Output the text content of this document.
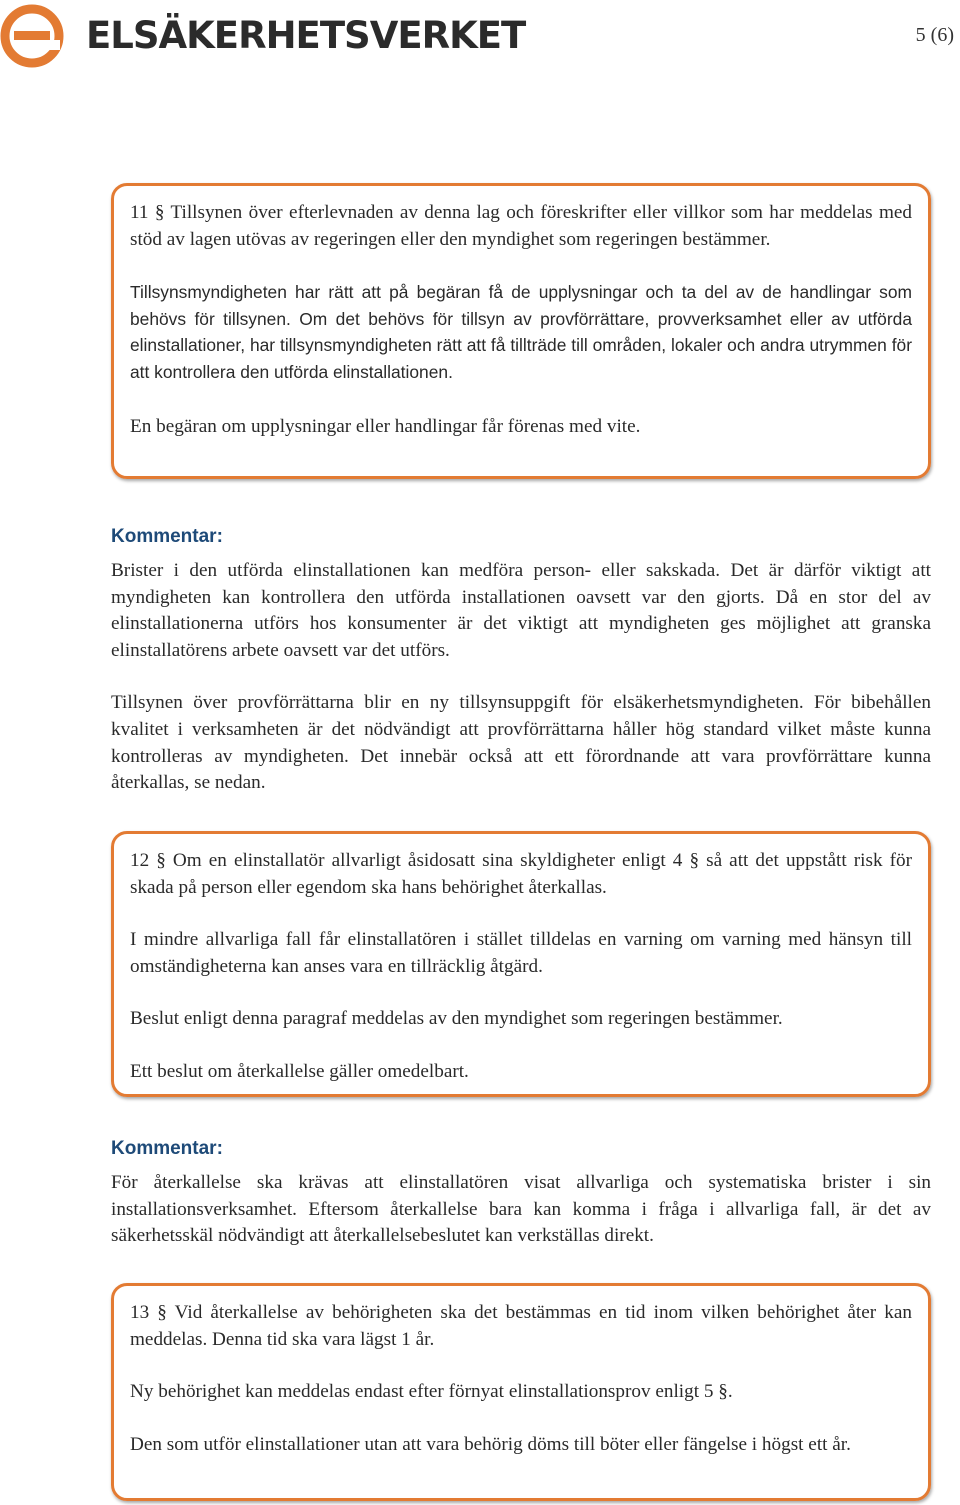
ELSÄKERHETSVERKET	5 (6)

11 § Tillsynen över efterlevnaden av denna lag och föreskrifter eller villkor som har meddelas med stöd av lagen utövas av regeringen eller den myndighet som regeringen bestämmer.

Tillsynsmyndigheten har rätt att på begäran få de upplysningar och ta del av de handlingar som behövs för tillsynen. Om det behövs för tillsyn av provförrättare, provverksamhet eller av utförda elinstallationer, har tillsynsmyndigheten rätt att få tillträde till områden, lokaler och andra utrymmen för att kontrollera den utförda elinstallationen.

En begäran om upplysningar eller handlingar får förenas med vite.

Kommentar:

Brister i den utförda elinstallationen kan medföra person- eller sakskada. Det är därför viktigt att myndigheten kan kontrollera den utförda installationen oavsett var den gjorts. Då en stor del av elinstallationerna utförs hos konsumenter är det viktigt att myndigheten ges möjlighet att granska elinstallatörens arbete oavsett var det utförs.

Tillsynen över provförrättarna blir en ny tillsynsuppgift för elsäkerhetsmyndigheten. För bibehållen kvalitet i verksamheten är det nödvändigt att provförrättarna håller hög standard vilket måste kunna kontrolleras av myndigheten. Det innebär också att ett förordnande att vara provförrättare kunna återkallas, se nedan.

12 § Om en elinstallatör allvarligt åsidosatt sina skyldigheter enligt 4 § så att det uppstått risk för skada på person eller egendom ska hans behörighet återkallas.

I mindre allvarliga fall får elinstallatören i stället tilldelas en varning om varning med hänsyn till omständigheterna kan anses vara en tillräcklig åtgärd.

Beslut enligt denna paragraf meddelas av den myndighet som regeringen bestämmer.

Ett beslut om återkallelse gäller omedelbart.

Kommentar:

För återkallelse ska krävas att elinstallatören visat allvarliga och systematiska brister i sin installationsverksamhet. Eftersom återkallelse bara kan komma i fråga i allvarliga fall, är det av säkerhetsskäl nödvändigt att återkallelsebeslutet kan verkställas direkt.

13 § Vid återkallelse av behörigheten ska det bestämmas en tid inom vilken behörighet åter kan meddelas. Denna tid ska vara lägst 1 år.

Ny behörighet kan meddelas endast efter förnyat elinstallationsprov enligt 5 §.

Den som utför elinstallationer utan att vara behörig döms till böter eller fängelse i högst ett år.
